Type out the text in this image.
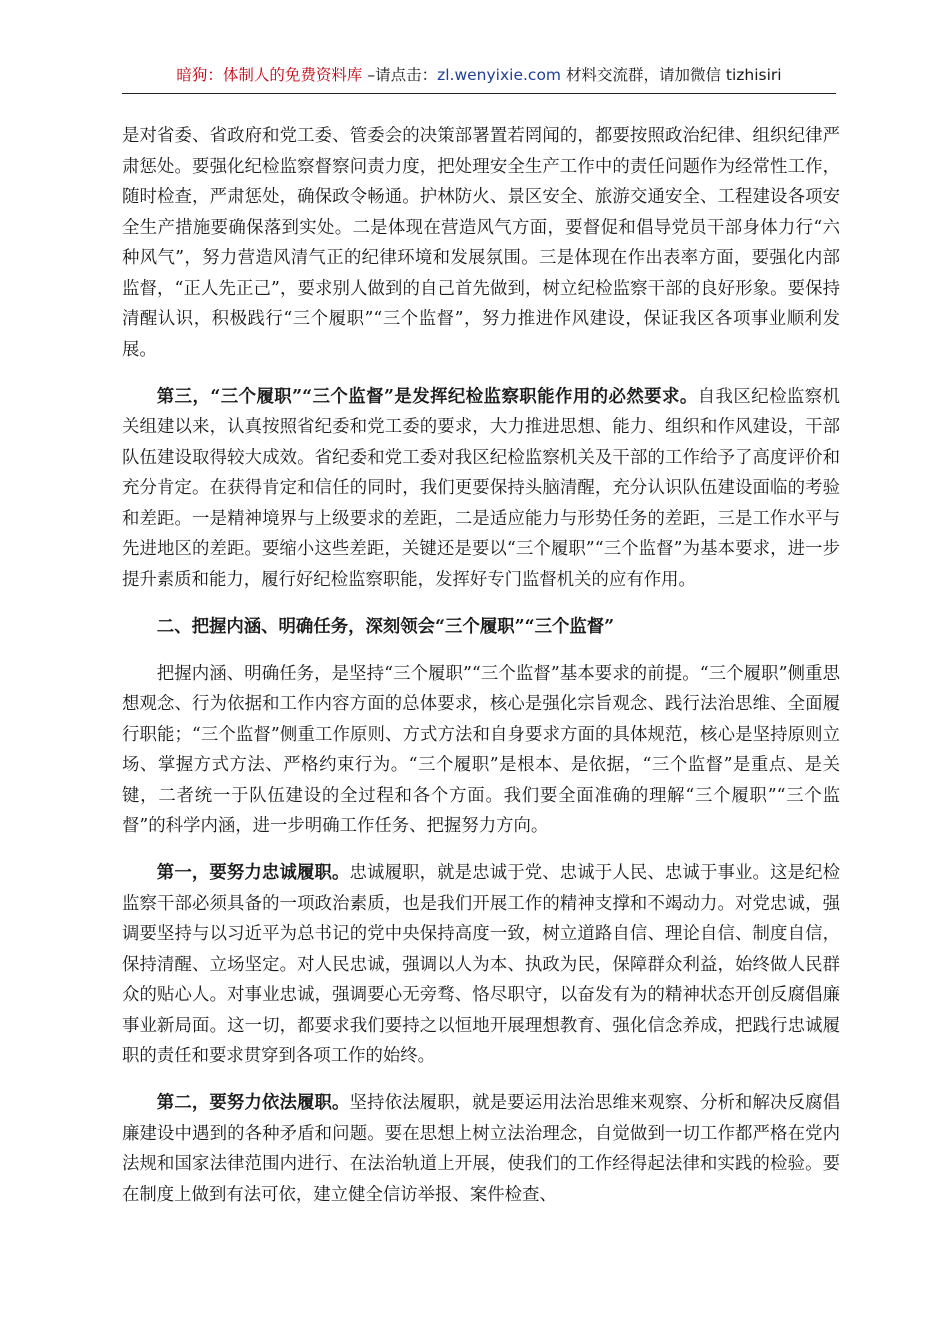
暗狗：体制人的免费资料库 –请点击：zl.wenyixie.com 材料交流群，请加微信 tizhisiri

是对省委、省政府和党工委、管委会的决策部署置若罔闻的，都要按照政治纪律、组织纪律严肃惩处。要强化纪检监察督察问责力度，把处理安全生产工作中的责任问题作为经常性工作，随时检查，严肃惩处，确保政令畅通。护林防火、景区安全、旅游交通安全、工程建设各项安全生产措施要确保落到实处。二是体现在营造风气方面，要督促和倡导党员干部身体力行“六种风气”，努力营造风清气正的纪律环境和发展氛围。三是体现在作出表率方面，要强化内部监督，“正人先正己”，要求别人做到的自己首先做到，树立纪检监察干部的良好形象。要保持清醒认识，积极践行“三个履职”“三个监督”，努力推进作风建设，保证我区各项事业顺利发展。

第三，“三个履职”“三个监督”是发挥纪检监察职能作用的必然要求。自我区纪检监察机关组建以来，认真按照省纪委和党工委的要求，大力推进思想、能力、组织和作风建设，干部队伍建设取得较大成效。省纪委和党工委对我区纪检监察机关及干部的工作给予了高度评价和充分肯定。在获得肯定和信任的同时，我们更要保持头脑清醒，充分认识队伍建设面临的考验和差距。一是精神境界与上级要求的差距，二是适应能力与形势任务的差距，三是工作水平与先进地区的差距。要缩小这些差距，关键还是要以“三个履职”“三个监督”为基本要求，进一步提升素质和能力，履行好纪检监察职能，发挥好专门监督机关的应有作用。

二、把握内涵、明确任务，深刻领会“三个履职”“三个监督”

把握内涵、明确任务，是坚持“三个履职”“三个监督”基本要求的前提。“三个履职”侧重思想观念、行为依据和工作内容方面的总体要求，核心是强化宗旨观念、践行法治思维、全面履行职能；“三个监督”侧重工作原则、方式方法和自身要求方面的具体规范，核心是坚持原则立场、掌握方式方法、严格约束行为。“三个履职”是根本、是依据，“三个监督”是重点、是关键，二者统一于队伍建设的全过程和各个方面。我们要全面准确的理解“三个履职”“三个监督”的科学内涵，进一步明确工作任务、把握努力方向。

第一，要努力忠诚履职。忠诚履职，就是忠诚于党、忠诚于人民、忠诚于事业。这是纪检监察干部必须具备的一项政治素质，也是我们开展工作的精神支撑和不竭动力。对党忠诚，强调要坚持与以习近平为总书记的党中央保持高度一致，树立道路自信、理论自信、制度自信，保持清醒、立场坚定。对人民忠诚，强调以人为本、执政为民，保障群众利益，始终做人民群众的贴心人。对事业忠诚，强调要心无旁骛、恪尽职守，以奋发有为的精神状态开创反腐倡廉事业新局面。这一切，都要求我们要持之以恒地开展理想教育、强化信念养成，把践行忠诚履职的责任和要求贯穿到各项工作的始终。

第二，要努力依法履职。坚持依法履职，就是要运用法治思维来观察、分析和解决反腐倡廉建设中遇到的各种矛盾和问题。要在思想上树立法治理念，自觉做到一切工作都严格在党内法规和国家法律范围内进行、在法治轨道上开展，使我们的工作经得起法律和实践的检验。要在制度上做到有法可依，建立健全信访举报、案件检查、
